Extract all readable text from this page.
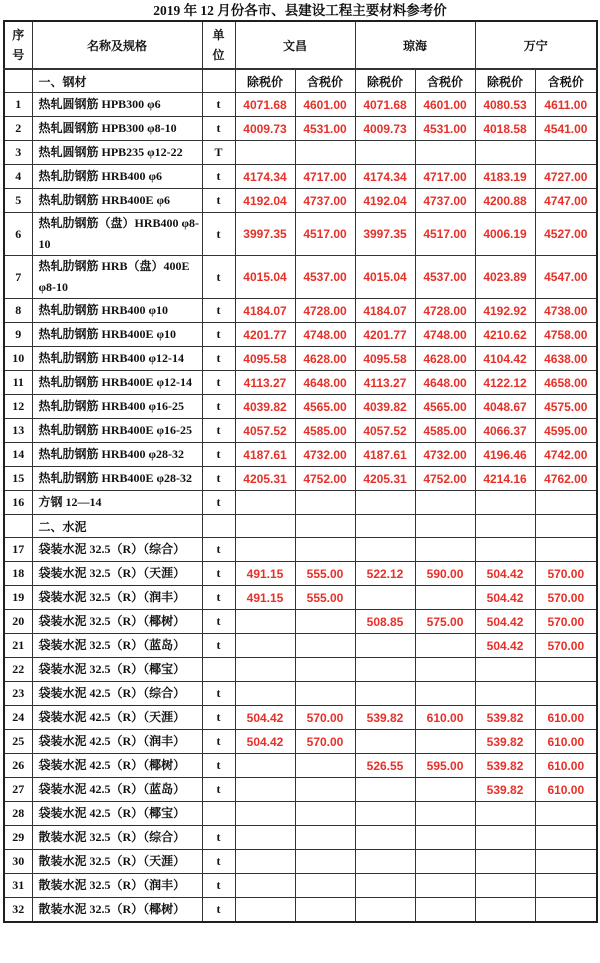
2019 年 12 月份各市、县建设工程主要材料参考价
序号	名称及规格	单位	文昌		琼海		万宁	
	一、钢材		除税价	含税价	除税价	含税价	除税价	含税价
1	热轧圆钢筋 HPB300 φ6	t	4071.68	4601.00	4071.68	4601.00	4080.53	4611.00
2	热轧圆钢筋 HPB300 φ8-10	t	4009.73	4531.00	4009.73	4531.00	4018.58	4541.00
3	热轧圆钢筋 HPB235 φ12-22	T						
4	热轧肋钢筋 HRB400 φ6	t	4174.34	4717.00	4174.34	4717.00	4183.19	4727.00
5	热轧肋钢筋 HRB400E φ6	t	4192.04	4737.00	4192.04	4737.00	4200.88	4747.00
6	热轧肋钢筋（盘）HRB400 φ8-10	t	3997.35	4517.00	3997.35	4517.00	4006.19	4527.00
7	热轧肋钢筋 HRB（盘）400E φ8-10	t	4015.04	4537.00	4015.04	4537.00	4023.89	4547.00
8	热轧肋钢筋 HRB400 φ10	t	4184.07	4728.00	4184.07	4728.00	4192.92	4738.00
9	热轧肋钢筋 HRB400E φ10	t	4201.77	4748.00	4201.77	4748.00	4210.62	4758.00
10	热轧肋钢筋 HRB400 φ12-14	t	4095.58	4628.00	4095.58	4628.00	4104.42	4638.00
11	热轧肋钢筋 HRB400E φ12-14	t	4113.27	4648.00	4113.27	4648.00	4122.12	4658.00
12	热轧肋钢筋 HRB400 φ16-25	t	4039.82	4565.00	4039.82	4565.00	4048.67	4575.00
13	热轧肋钢筋 HRB400E φ16-25	t	4057.52	4585.00	4057.52	4585.00	4066.37	4595.00
14	热轧肋钢筋 HRB400 φ28-32	t	4187.61	4732.00	4187.61	4732.00	4196.46	4742.00
15	热轧肋钢筋 HRB400E φ28-32	t	4205.31	4752.00	4205.31	4752.00	4214.16	4762.00
16	方钢 12—14	t						
	二、水泥							
17	袋装水泥 32.5（R）（综合）	t						
18	袋装水泥 32.5（R）（天涯）	t	491.15	555.00	522.12	590.00	504.42	570.00
19	袋装水泥 32.5（R）（润丰）	t	491.15	555.00			504.42	570.00
20	袋装水泥 32.5（R）（椰树）	t			508.85	575.00	504.42	570.00
21	袋装水泥 32.5（R）（蓝岛）	t					504.42	570.00
22	袋装水泥 32.5（R）（椰宝）							
23	袋装水泥 42.5（R）（综合）	t						
24	袋装水泥 42.5（R）（天涯）	t	504.42	570.00	539.82	610.00	539.82	610.00
25	袋装水泥 42.5（R）（润丰）	t	504.42	570.00			539.82	610.00
26	袋装水泥 42.5（R）（椰树）	t			526.55	595.00	539.82	610.00
27	袋装水泥 42.5（R）（蓝岛）	t					539.82	610.00
28	袋装水泥 42.5（R）（椰宝）							
29	散装水泥 32.5（R）（综合）	t						
30	散装水泥 32.5（R）（天涯）	t						
31	散装水泥 32.5（R）（润丰）	t						
32	散装水泥 32.5（R）（椰树）	t						
